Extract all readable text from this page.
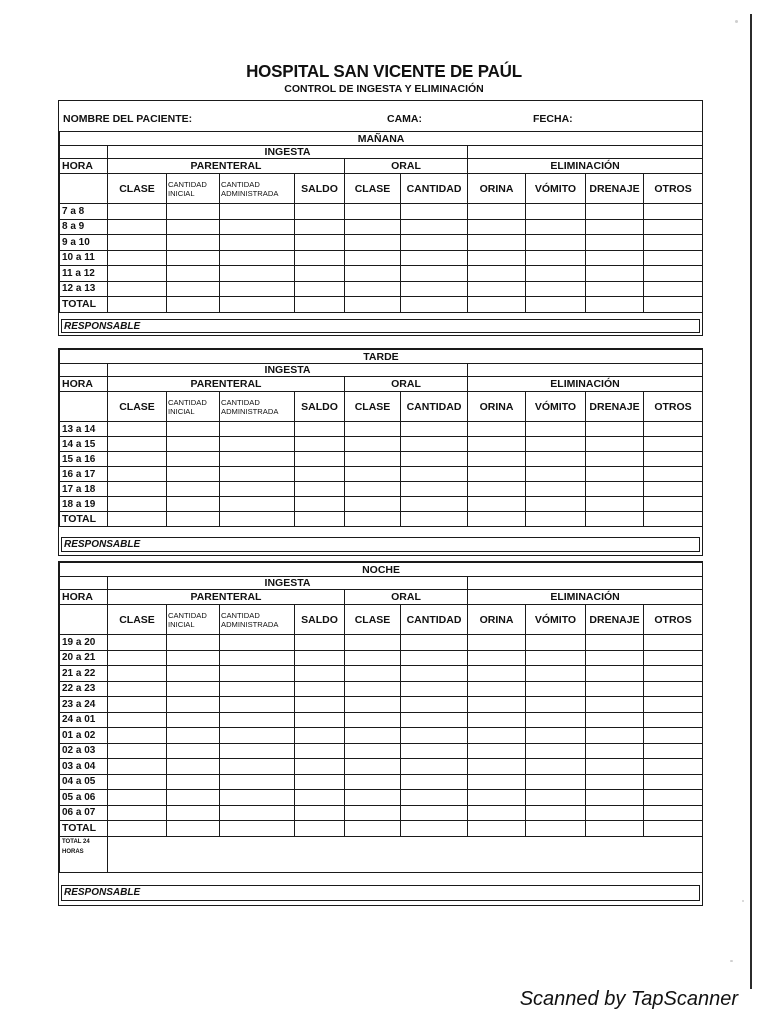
HOSPITAL SAN VICENTE DE PAÚL
CONTROL DE INGESTA Y ELIMINACIÓN
NOMBRE DEL PACIENTE:	CAMA:	FECHA:
MAÑANA										
	INGESTA									
HORA	PARENTERAL				ORAL		ELIMINACIÓN			
	CLASE	CANTIDAD INICIAL	CANTIDAD ADMINISTRADA	SALDO	CLASE	CANTIDAD	ORINA	VÓMITO	DRENAJE	OTROS
7 a 8										
8 a 9										
9 a 10										
10 a 11										
11 a 12										
12 a 13										
TOTAL										
RESPONSABLE
TARDE										
	INGESTA									
HORA	PARENTERAL				ORAL		ELIMINACIÓN			
	CLASE	CANTIDAD INICIAL	CANTIDAD ADMINISTRADA	SALDO	CLASE	CANTIDAD	ORINA	VÓMITO	DRENAJE	OTROS
13 a 14										
14 a 15										
15 a 16										
16 a 17										
17 a 18										
18 a 19										
TOTAL										
RESPONSABLE
NOCHE										
	INGESTA									
HORA	PARENTERAL				ORAL		ELIMINACIÓN			
	CLASE	CANTIDAD INICIAL	CANTIDAD ADMINISTRADA	SALDO	CLASE	CANTIDAD	ORINA	VÓMITO	DRENAJE	OTROS
19 a 20										
20 a 21										
21 a 22										
22 a 23										
23 a 24										
24 a 01										
01 a 02										
02 a 03										
03 a 04										
04 a 05										
05 a 06										
06 a 07										
TOTAL										
TOTAL 24 HORAS										
RESPONSABLE
Scanned by TapScanner
